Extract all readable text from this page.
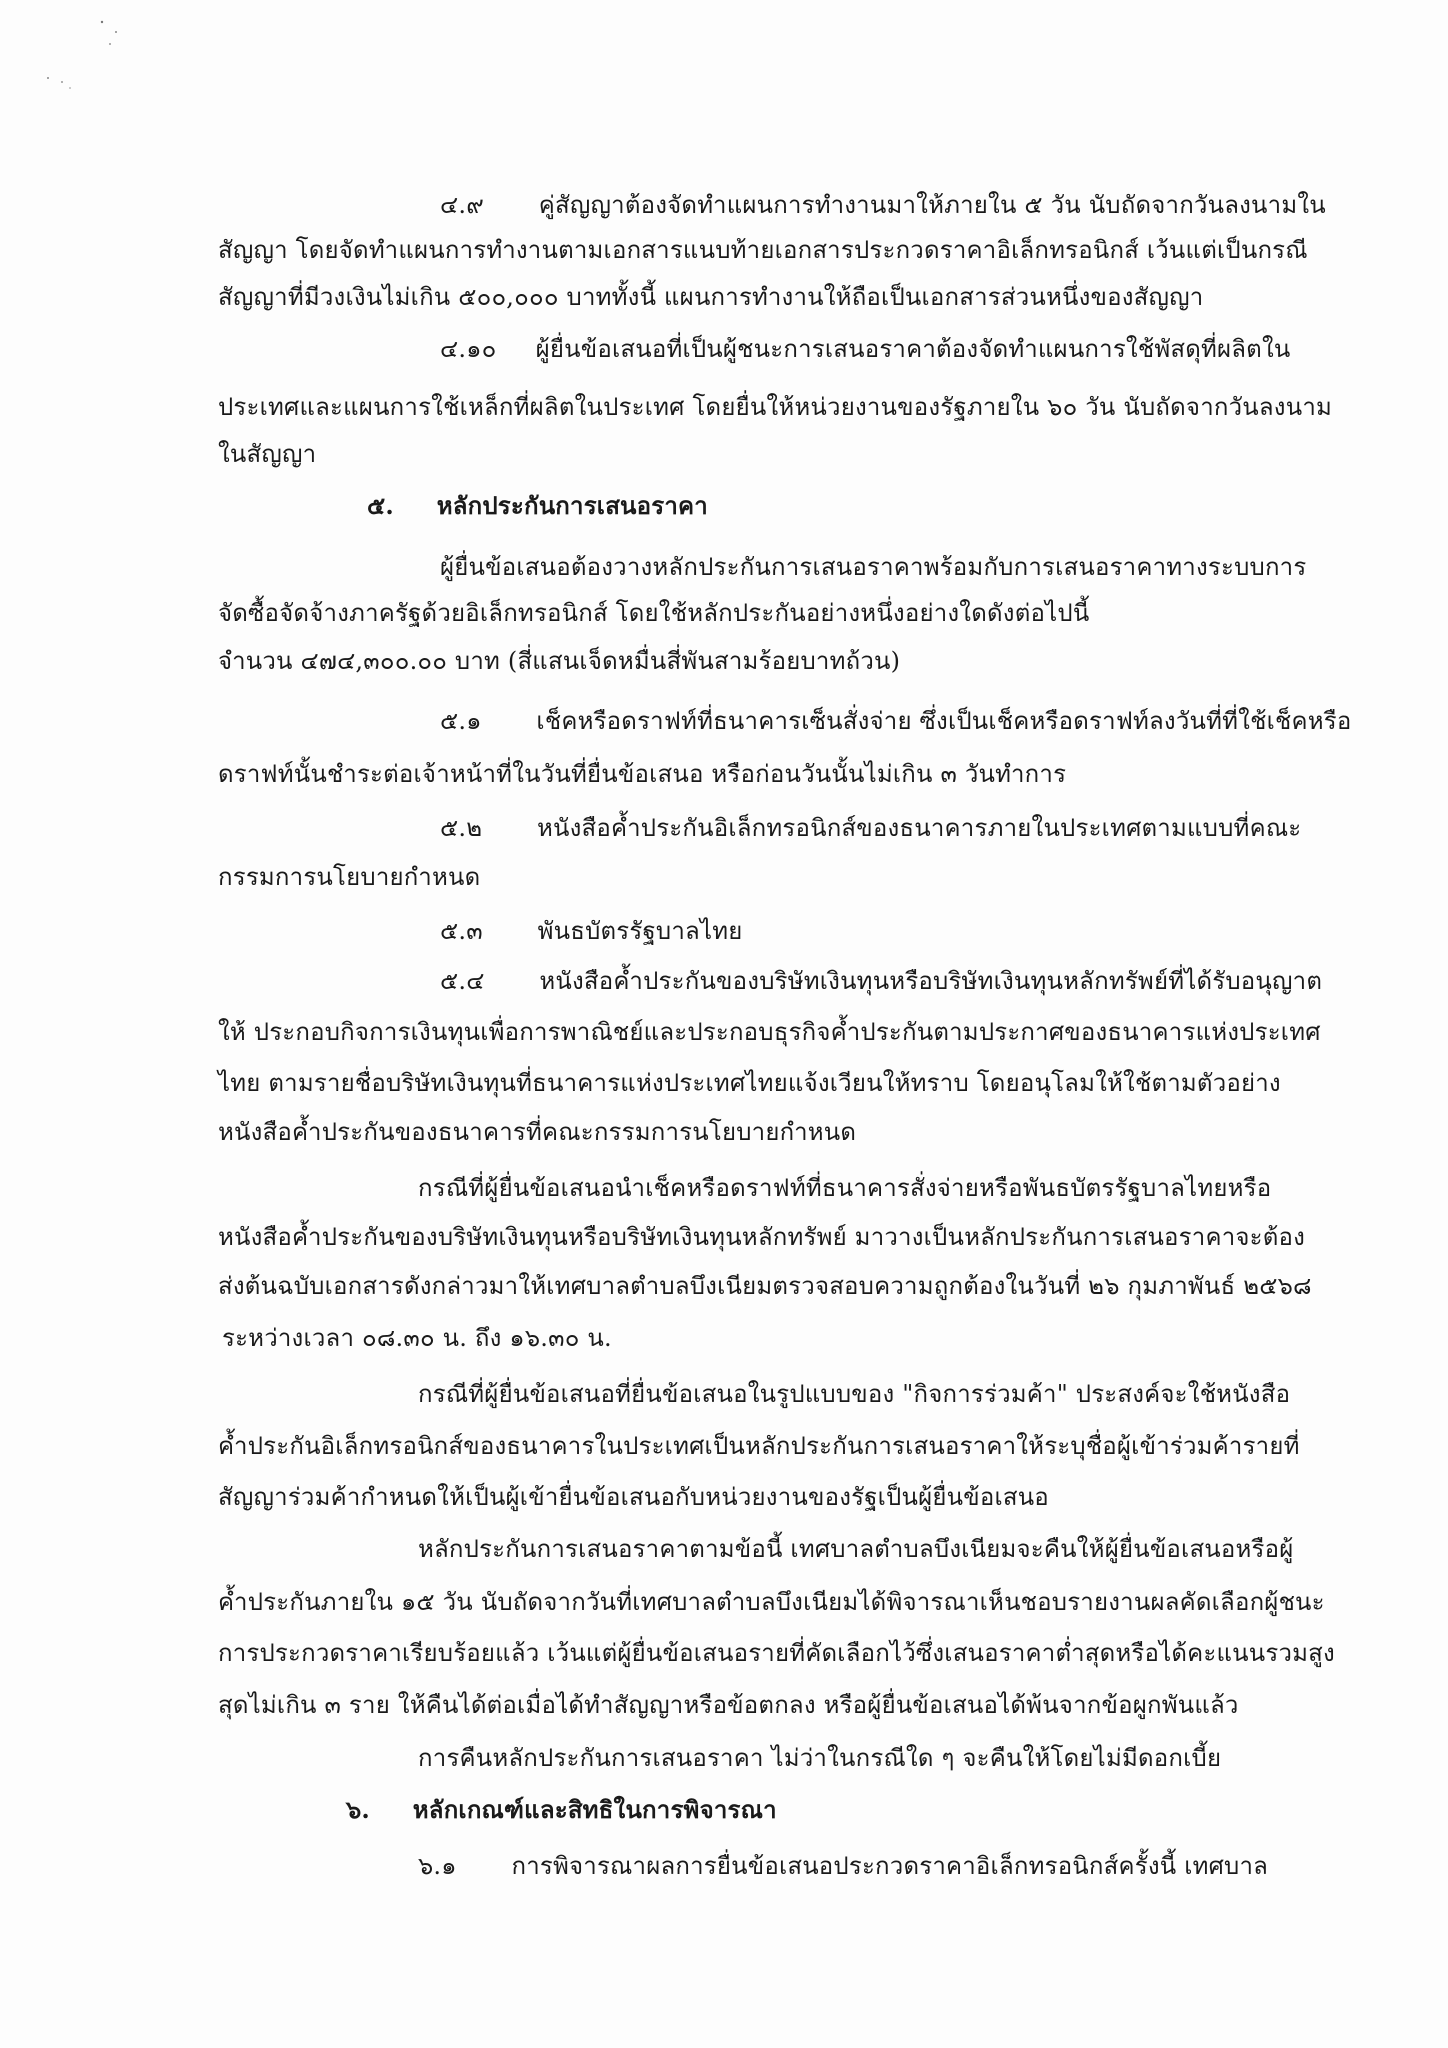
๔.๙       คู่สัญญาต้องจัดทำแผนการทำงานมาให้ภายใน ๕ วัน นับถัดจากวันลงนามใน
สัญญา โดยจัดทำแผนการทำงานตามเอกสารแนบท้ายเอกสารประกวดราคาอิเล็กทรอนิกส์ เว้นแต่เป็นกรณี
สัญญาที่มีวงเงินไม่เกิน ๕๐๐,๐๐๐ บาททั้งนี้ แผนการทำงานให้ถือเป็นเอกสารส่วนหนึ่งของสัญญา
๔.๑๐     ผู้ยื่นข้อเสนอที่เป็นผู้ชนะการเสนอราคาต้องจัดทำแผนการใช้พัสดุที่ผลิตใน
ประเทศและแผนการใช้เหล็กที่ผลิตในประเทศ โดยยื่นให้หน่วยงานของรัฐภายใน ๖๐ วัน นับถัดจากวันลงนาม
ในสัญญา
๕.     หลักประกันการเสนอราคา
ผู้ยื่นข้อเสนอต้องวางหลักประกันการเสนอราคาพร้อมกับการเสนอราคาทางระบบการ
จัดซื้อจัดจ้างภาครัฐด้วยอิเล็กทรอนิกส์ โดยใช้หลักประกันอย่างหนึ่งอย่างใดดังต่อไปนี้
จำนวน ๔๗๔,๓๐๐.๐๐ บาท (สี่แสนเจ็ดหมื่นสี่พันสามร้อยบาทถ้วน)
๕.๑       เช็คหรือดราฟท์ที่ธนาคารเซ็นสั่งจ่าย ซึ่งเป็นเช็คหรือดราฟท์ลงวันที่ที่ใช้เช็คหรือ
ดราฟท์นั้นชำระต่อเจ้าหน้าที่ในวันที่ยื่นข้อเสนอ หรือก่อนวันนั้นไม่เกิน ๓ วันทำการ
๕.๒       หนังสือค้ำประกันอิเล็กทรอนิกส์ของธนาคารภายในประเทศตามแบบที่คณะ
กรรมการนโยบายกำหนด
๕.๓       พันธบัตรรัฐบาลไทย
๕.๔       หนังสือค้ำประกันของบริษัทเงินทุนหรือบริษัทเงินทุนหลักทรัพย์ที่ได้รับอนุญาต
ให้ ประกอบกิจการเงินทุนเพื่อการพาณิชย์และประกอบธุรกิจค้ำประกันตามประกาศของธนาคารแห่งประเทศ
ไทย ตามรายชื่อบริษัทเงินทุนที่ธนาคารแห่งประเทศไทยแจ้งเวียนให้ทราบ โดยอนุโลมให้ใช้ตามตัวอย่าง
หนังสือค้ำประกันของธนาคารที่คณะกรรมการนโยบายกำหนด
กรณีที่ผู้ยื่นข้อเสนอนำเช็คหรือดราฟท์ที่ธนาคารสั่งจ่ายหรือพันธบัตรรัฐบาลไทยหรือ
หนังสือค้ำประกันของบริษัทเงินทุนหรือบริษัทเงินทุนหลักทรัพย์ มาวางเป็นหลักประกันการเสนอราคาจะต้อง
ส่งต้นฉบับเอกสารดังกล่าวมาให้เทศบาลตำบลบึงเนียมตรวจสอบความถูกต้องในวันที่ ๒๖ กุมภาพันธ์ ๒๕๖๘
ระหว่างเวลา ๐๘.๓๐ น. ถึง ๑๖.๓๐ น.
กรณีที่ผู้ยื่นข้อเสนอที่ยื่นข้อเสนอในรูปแบบของ "กิจการร่วมค้า" ประสงค์จะใช้หนังสือ
ค้ำประกันอิเล็กทรอนิกส์ของธนาคารในประเทศเป็นหลักประกันการเสนอราคาให้ระบุชื่อผู้เข้าร่วมค้ารายที่
สัญญาร่วมค้ากำหนดให้เป็นผู้เข้ายื่นข้อเสนอกับหน่วยงานของรัฐเป็นผู้ยื่นข้อเสนอ
หลักประกันการเสนอราคาตามข้อนี้ เทศบาลตำบลบึงเนียมจะคืนให้ผู้ยื่นข้อเสนอหรือผู้
ค้ำประกันภายใน ๑๕ วัน นับถัดจากวันที่เทศบาลตำบลบึงเนียมได้พิจารณาเห็นชอบรายงานผลคัดเลือกผู้ชนะ
การประกวดราคาเรียบร้อยแล้ว เว้นแต่ผู้ยื่นข้อเสนอรายที่คัดเลือกไว้ซึ่งเสนอราคาต่ำสุดหรือได้คะแนนรวมสูง
สุดไม่เกิน ๓ ราย ให้คืนได้ต่อเมื่อได้ทำสัญญาหรือข้อตกลง หรือผู้ยื่นข้อเสนอได้พ้นจากข้อผูกพันแล้ว
การคืนหลักประกันการเสนอราคา ไม่ว่าในกรณีใด ๆ จะคืนให้โดยไม่มีดอกเบี้ย
๖.     หลักเกณฑ์และสิทธิในการพิจารณา
๖.๑       การพิจารณาผลการยื่นข้อเสนอประกวดราคาอิเล็กทรอนิกส์ครั้งนี้ เทศบาล
